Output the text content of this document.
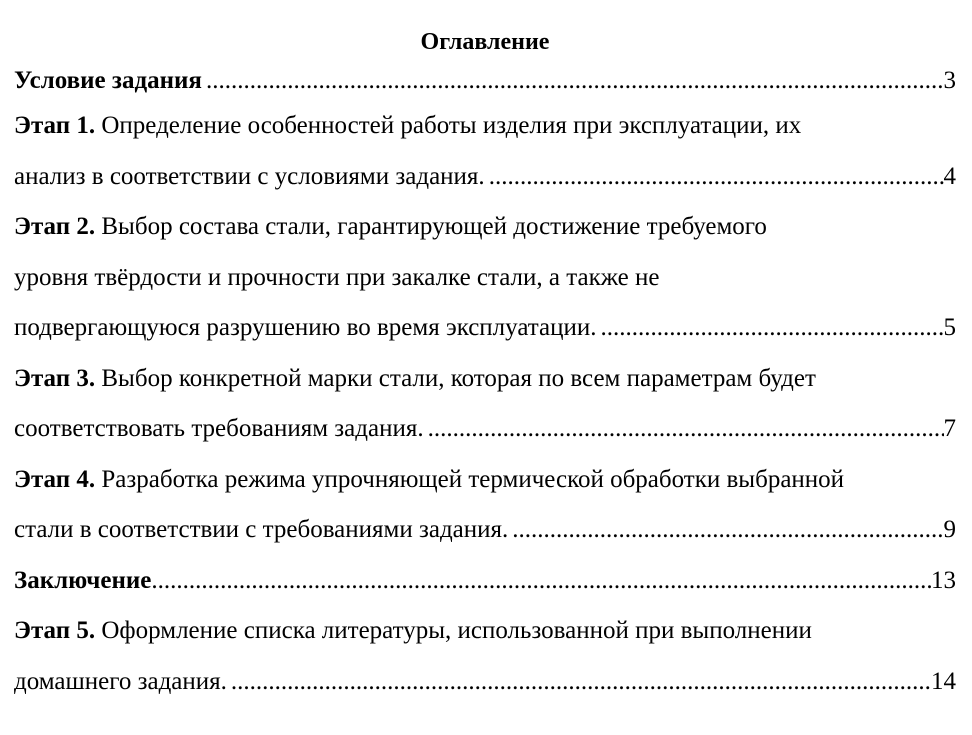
Оглавление
Условие задания .....	3
Этап 1. Определение особенностей работы изделия при эксплуатации, их
анализ в соответствии с условиями задания. .....	4
Этап 2. Выбор состава стали, гарантирующей достижение требуемого
уровня твёрдости и прочности при закалке стали, а также не
подвергающуюся разрушению во время эксплуатации. .....	5
Этап 3. Выбор конкретной марки стали, которая по всем параметрам будет
соответствовать требованиям задания. .....	7
Этап 4. Разработка режима упрочняющей термической обработки выбранной
стали в соответствии с требованиями задания. .....	9
Заключение .....	13
Этап 5. Оформление списка литературы, использованной при выполнении
домашнего задания. .....	14
